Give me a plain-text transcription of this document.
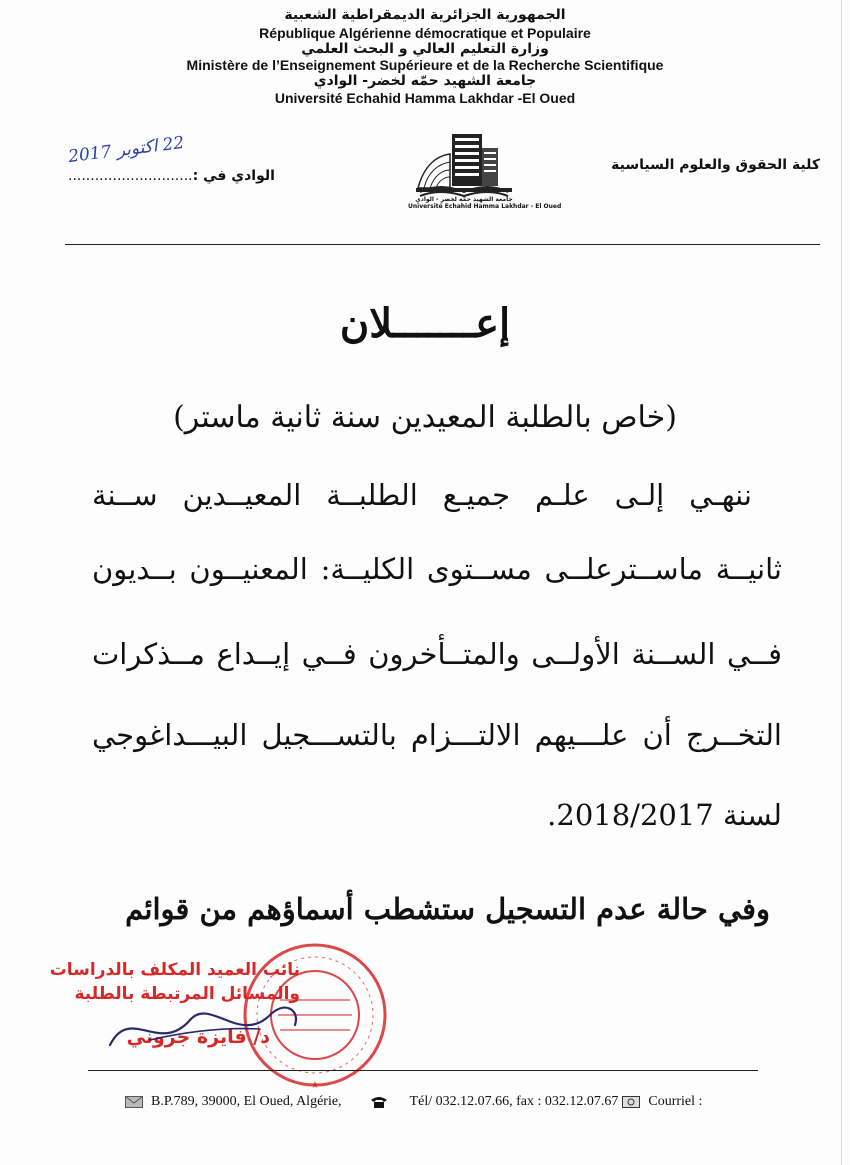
الجمهورية الجزائرية الديمقراطية الشعبية
République Algérienne démocratique et Populaire
وزارة التعليم العالي و البحث العلمي
Ministère de l’Enseignement Supérieure et de la Recherche Scientifique
جامعة الشهيد حمّه لخضر- الوادي
Université Echahid Hamma Lakhdar -El Oued
كلية الحقوق والعلوم السياسية
22 اكتوبر 2017
الوادي في :............................
جامعة الشهيد حمّه لخضر - الوادي
Université Echahid Hamma Lakhdar - El Oued
إعـــــــلان
(خاص بالطلبة المعيدين سنة ثانية ماستر)
ننهـي إلـى علـم جميـع الطلبــة المعيــدين ســنة
ثانيــة ماســترعلــى مســتوى الكليــة: المعنيــون بــديون
فــي الســنة الأولــى والمتــأخرون فــي إيــداع مــذكرات
التخــرج أن علـــيهم الالتـــزام بالتســـجيل البيـــداغوجي
لسنة 2018/2017.
وفي حالة عدم التسجيل ستشطب أسماؤهم من قوائم
★
نائب العميد المكلف بالدراسات
والمسائل المرتبطة بالطلبة
د/ فايزة جروني
B.P.789, 39000, El Oued, Algérie,	Tél/ 032.12.07.66, fax : 032.12.07.67 Courriel :
